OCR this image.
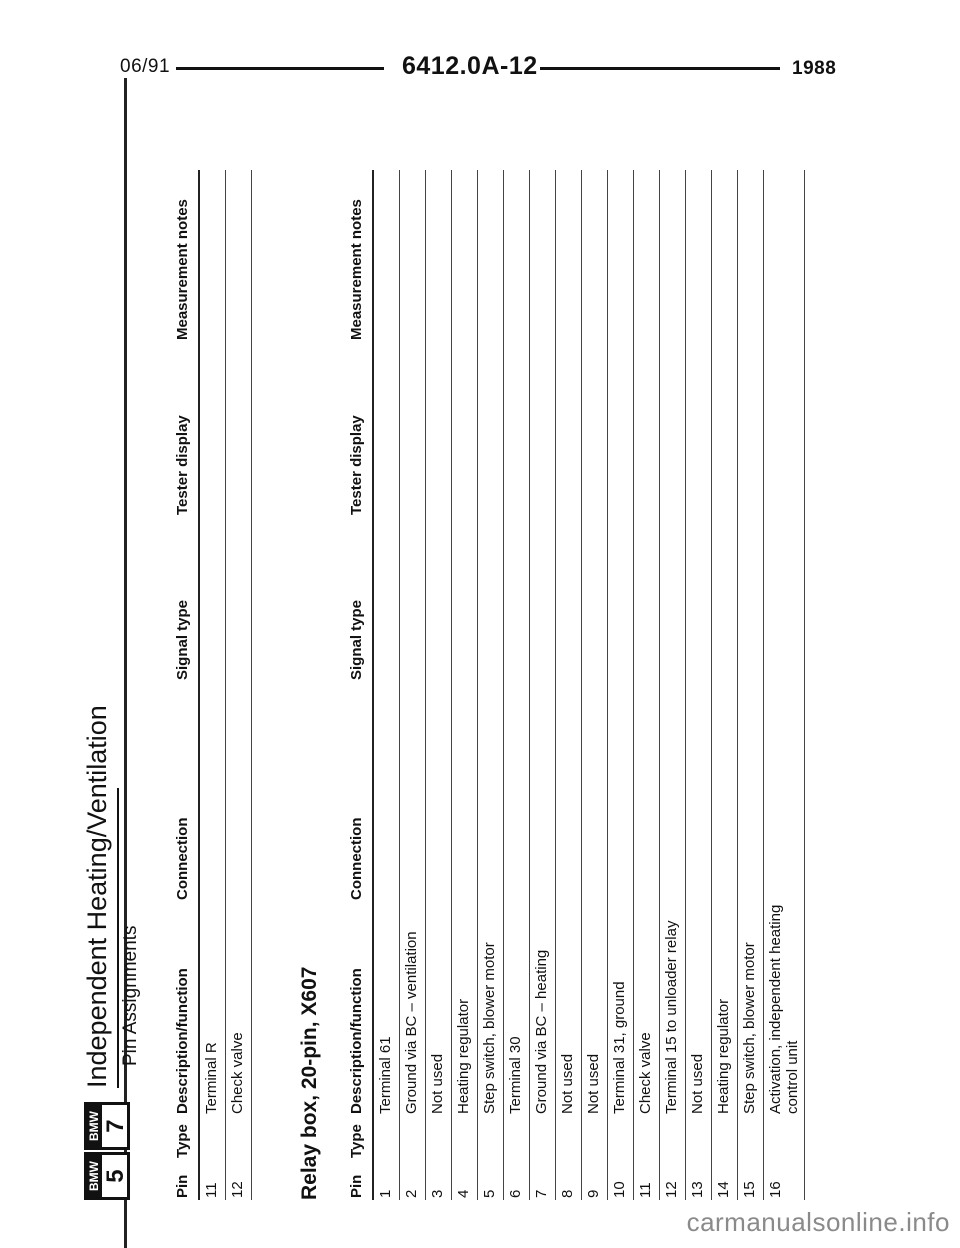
06/91	6412.0A-12	1988
BMW 5
BMW 7
Independent Heating/Ventilation Pin Assignments
Pin
Type
Description/function
Connection
Signal type
Tester display
Measurement notes
11
Terminal R
12
Check valve Relay box, 20-pin, X607 Pin
Type
Description/function
Connection
Signal type
Tester display
Measurement notes
1
Terminal 61
2
Ground via BC – ventilation
3
Not used
4
Heating regulator
5
Step switch, blower motor
6
Terminal 30
7
Ground via BC – heating
8
Not used
9
Not used
10
Terminal 31, ground
11
Check valve
12
Terminal 15 to unloader relay
13
Not used
14
Heating regulator
15
Step switch, blower motor
16
Activation, independent heating control unit
carmanualsonline.info
